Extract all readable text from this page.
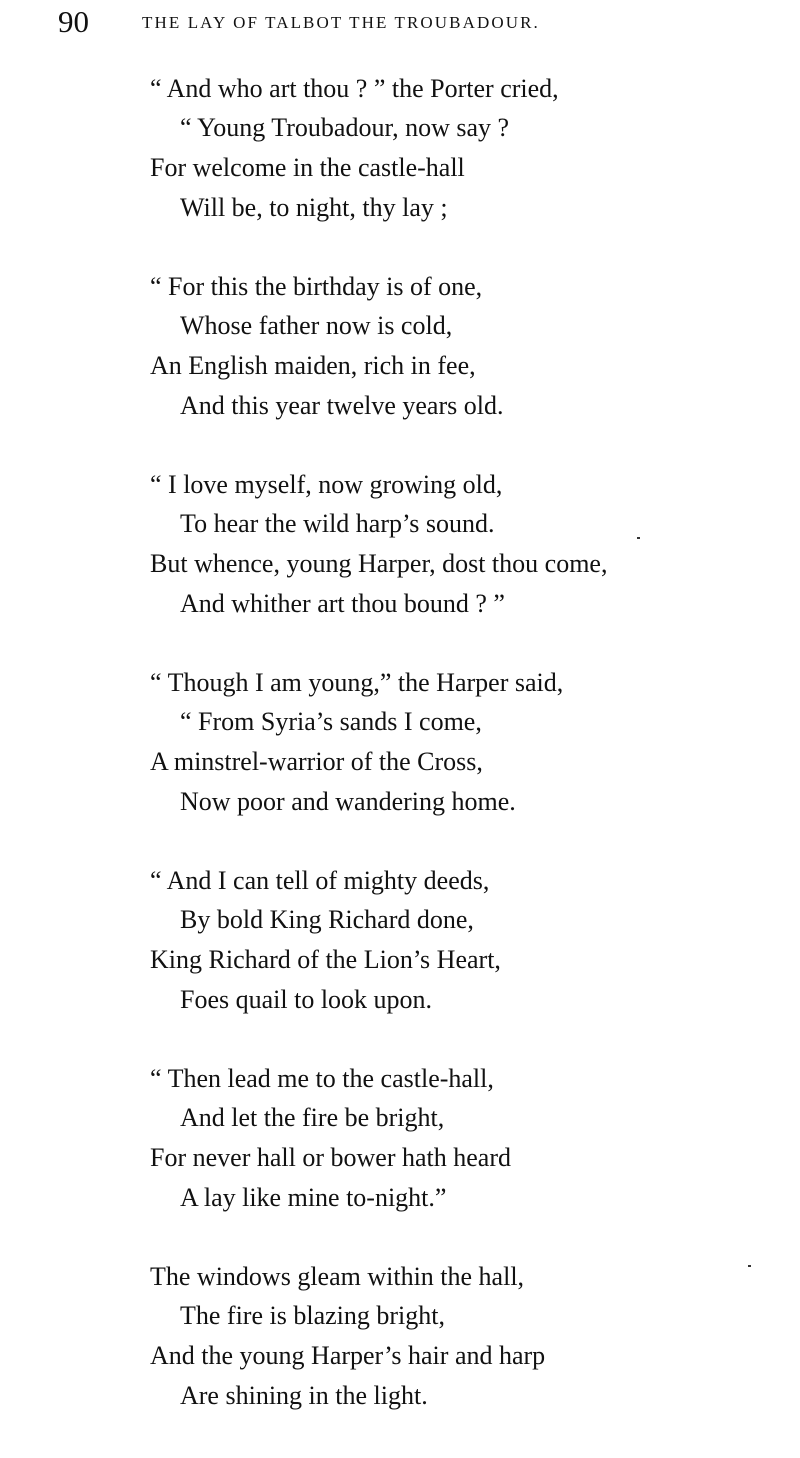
90	THE LAY OF TALBOT THE TROUBADOUR.
“ And who art thou ? ” the Porter cried,
“ Young Troubadour, now say ?
For welcome in the castle-hall
Will be, to night, thy lay ;
“ For this the birthday is of one,
Whose father now is cold,
An English maiden, rich in fee,
And this year twelve years old.
“ I love myself, now growing old,
To hear the wild harp’s sound.
But whence, young Harper, dost thou come,
And whither art thou bound ? ”
“ Though I am young,” the Harper said,
“ From Syria’s sands I come,
A minstrel-warrior of the Cross,
Now poor and wandering home.
“ And I can tell of mighty deeds,
By bold King Richard done,
King Richard of the Lion’s Heart,
Foes quail to look upon.
“ Then lead me to the castle-hall,
And let the fire be bright,
For never hall or bower hath heard
A lay like mine to-night.”
The windows gleam within the hall,
The fire is blazing bright,
And the young Harper’s hair and harp
Are shining in the light.
